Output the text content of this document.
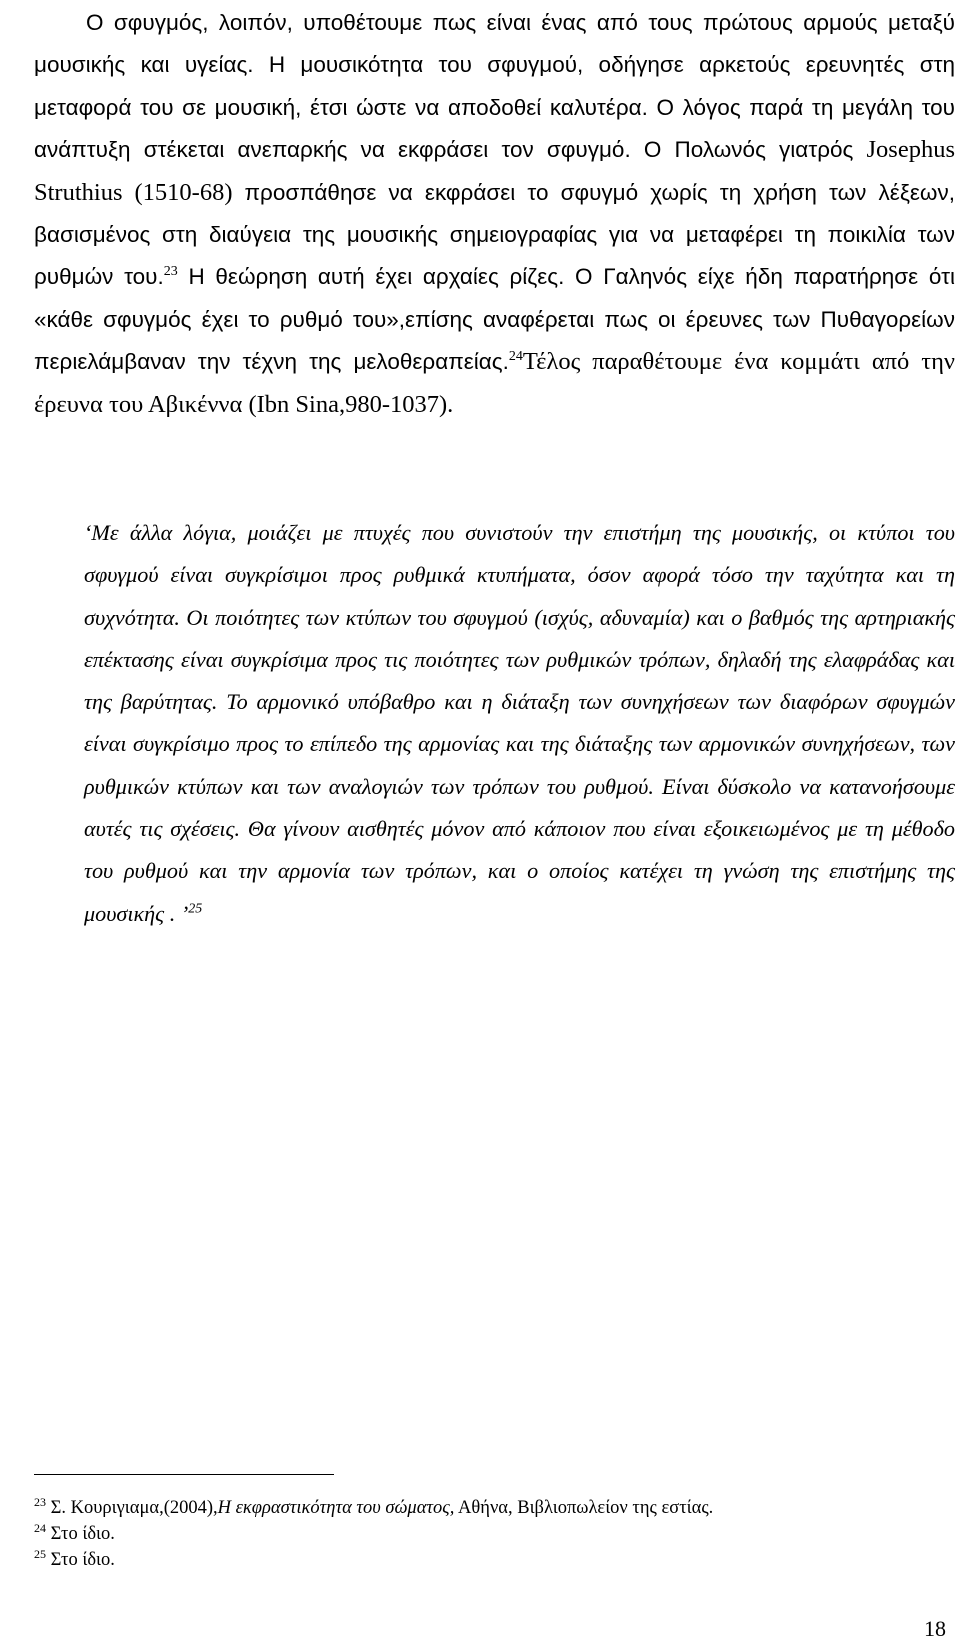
Ο σφυγμός, λοιπόν, υποθέτουμε πως είναι ένας από τους πρώτους αρμούς μεταξύ μουσικής και υγείας. Η μουσικότητα του σφυγμού, οδήγησε αρκετούς ερευνητές στη μεταφορά του σε μουσική, έτσι ώστε να αποδοθεί καλυτέρα. Ο λόγος παρά τη μεγάλη του ανάπτυξη στέκεται ανεπαρκής να εκφράσει τον σφυγμό. Ο Πολωνός γιατρός Josephus Struthius (1510-68) προσπάθησε να εκφράσει το σφυγμό χωρίς τη χρήση των λέξεων, βασισμένος στη διαύγεια της μουσικής σημειογραφίας για να μεταφέρει τη ποικιλία των ρυθμών του.$^{23}$ Η θεώρηση αυτή έχει αρχαίες ρίζες. Ο Γαληνός είχε ήδη παρατήρησε ότι «κάθε σφυγμός έχει το ρυθμό του»,επίσης αναφέρεται πως οι έρευνες των Πυθαγορείων περιελάμβαναν την τέχνη της μελοθεραπείας.$^{24}$Τέλος παραθέτουμε ένα κομμάτι από την έρευνα του Αβικέννα (Ibn Sina,980-1037).

‘Με άλλα λόγια, μοιάζει με πτυχές που συνιστούν την επιστήμη της μουσικής, οι κτύποι του σφυγμού είναι συγκρίσιμοι προς ρυθμικά κτυπήματα, όσον αφορά τόσο την ταχύτητα και τη συχνότητα. Οι ποιότητες των κτύπων του σφυγμού (ισχύς, αδυναμία) και ο βαθμός της αρτηριακής επέκτασης είναι συγκρίσιμα προς τις ποιότητες των ρυθμικών τρόπων, δηλαδή της ελαφράδας και της βαρύτητας. Το αρμονικό υπόβαθρο και η διάταξη των συνηχήσεων των διαφόρων σφυγμών είναι συγκρίσιμο προς το επίπεδο της αρμονίας και της διάταξης των αρμονικών συνηχήσεων, των ρυθμικών κτύπων και των αναλογιών των τρόπων του ρυθμού. Είναι δύσκολο να κατανοήσουμε αυτές τις σχέσεις. Θα γίνουν αισθητές μόνον από κάποιον που είναι εξοικειωμένος με τη μέθοδο του ρυθμού και την αρμονία των τρόπων, και ο οποίος κατέχει τη γνώση της επιστήμης της μουσικής . ’$^{25}$

$^{23}$ Σ. Κουριγιαμα,(2004),Η εκφραστικότητα του σώματος, Αθήνα, Βιβλιοπωλείον της εστίας.
$^{24}$ Στο ίδιο.
$^{25}$ Στο ίδιο.
18
